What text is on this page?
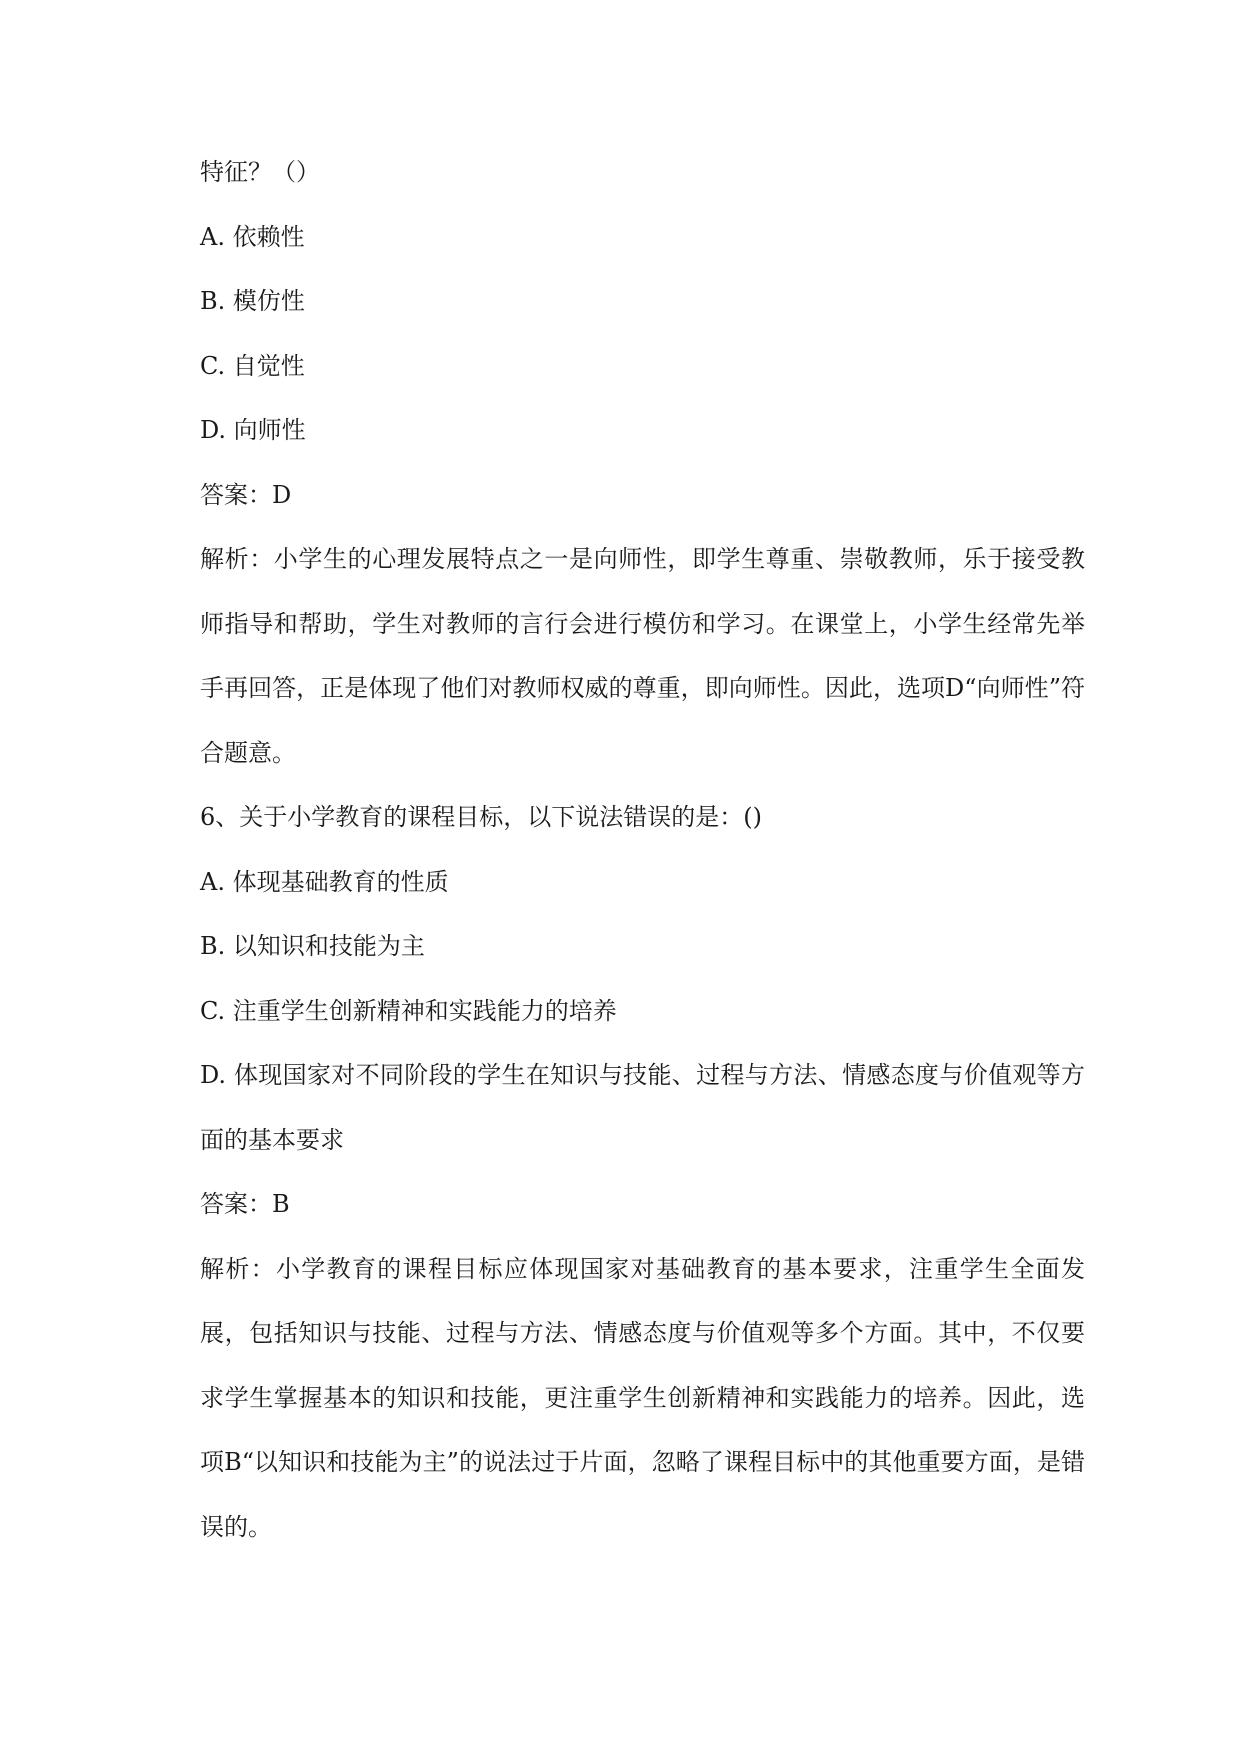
特征？（）

A. 依赖性

B. 模仿性

C. 自觉性

D. 向师性

答案：D

解析：小学生的心理发展特点之一是向师性，即学生尊重、崇敬教师，乐于接受教师指导和帮助，学生对教师的言行会进行模仿和学习。在课堂上，小学生经常先举手再回答，正是体现了他们对教师权威的尊重，即向师性。因此，选项D“向师性”符合题意。

6、关于小学教育的课程目标，以下说法错误的是：()

A. 体现基础教育的性质

B. 以知识和技能为主

C. 注重学生创新精神和实践能力的培养

D. 体现国家对不同阶段的学生在知识与技能、过程与方法、情感态度与价值观等方面的基本要求

答案：B

解析：小学教育的课程目标应体现国家对基础教育的基本要求，注重学生全面发展，包括知识与技能、过程与方法、情感态度与价值观等多个方面。其中，不仅要求学生掌握基本的知识和技能，更注重学生创新精神和实践能力的培养。因此，选项B“以知识和技能为主”的说法过于片面，忽略了课程目标中的其他重要方面，是错误的。
